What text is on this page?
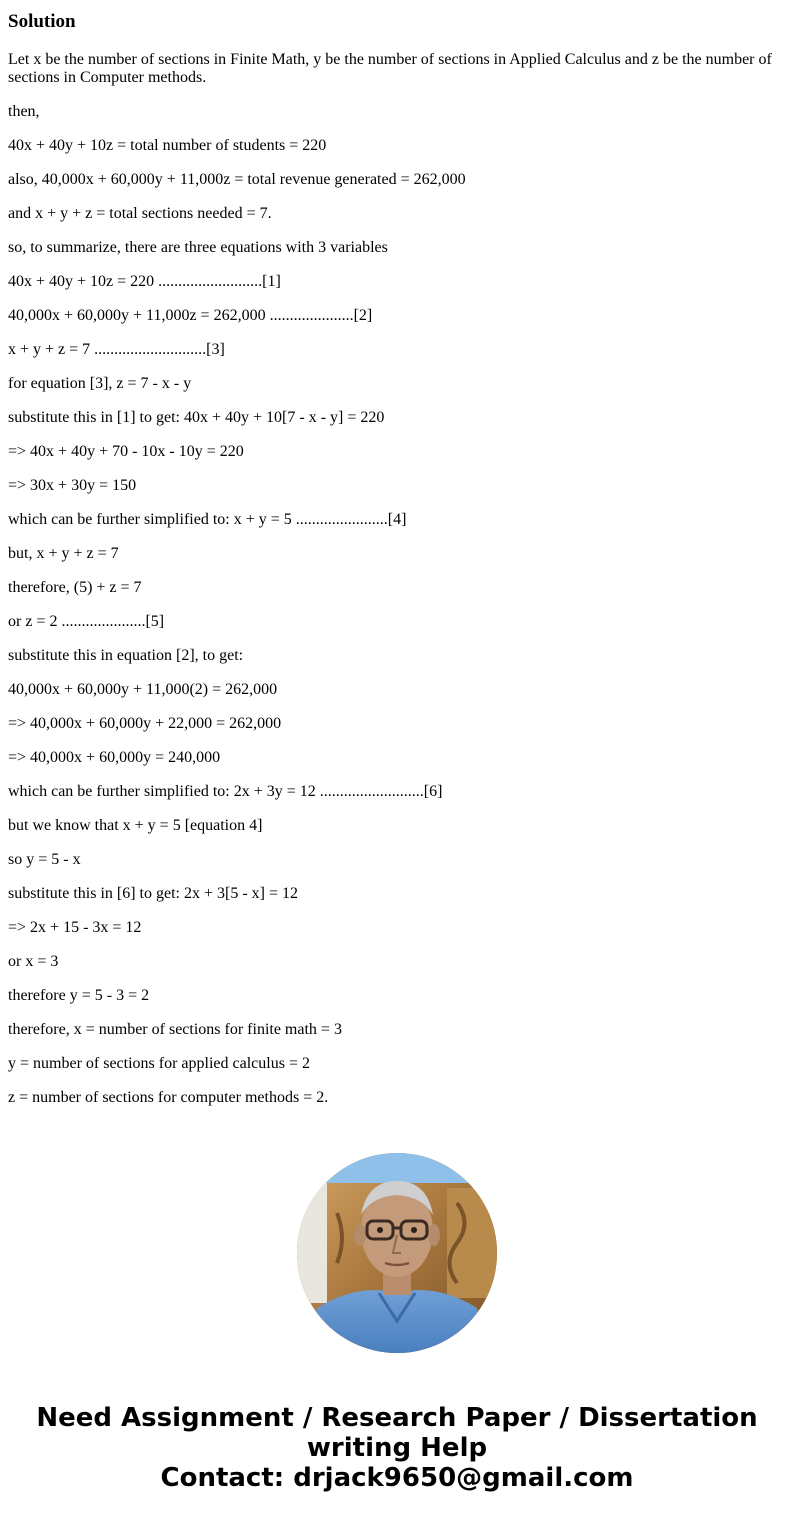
Solution

Let x be the number of sections in Finite Math, y be the number of sections in Applied Calculus and z be the number of sections in Computer methods.

then,

40x + 40y + 10z = total number of students = 220

also, 40,000x + 60,000y + 11,000z = total revenue generated = 262,000

and x + y + z = total sections needed = 7.

so, to summarize, there are three equations with 3 variables

40x + 40y + 10z = 220 ..........................[1]

40,000x + 60,000y + 11,000z = 262,000 .....................[2]

x + y + z = 7 ............................[3]

for equation [3], z = 7 - x - y

substitute this in [1] to get: 40x + 40y + 10[7 - x - y] = 220

=> 40x + 40y + 70 - 10x - 10y = 220

=> 30x + 30y = 150

which can be further simplified to: x + y = 5 .......................[4]

but, x + y + z = 7

therefore, (5) + z = 7

or z = 2 .....................[5]

substitute this in equation [2], to get:

40,000x + 60,000y + 11,000(2) = 262,000

=> 40,000x + 60,000y + 22,000 = 262,000

=> 40,000x + 60,000y = 240,000

which can be further simplified to: 2x + 3y = 12 ..........................[6]

but we know that x + y = 5 [equation 4]

so y = 5 - x

substitute this in [6] to get: 2x + 3[5 - x] = 12

=> 2x + 15 - 3x = 12

or x = 3

therefore y = 5 - 3 = 2

therefore, x = number of sections for finite math = 3

y = number of sections for applied calculus = 2

z = number of sections for computer methods = 2.

Need Assignment / Research Paper / Dissertation
writing Help
Contact: drjack9650@gmail.com
